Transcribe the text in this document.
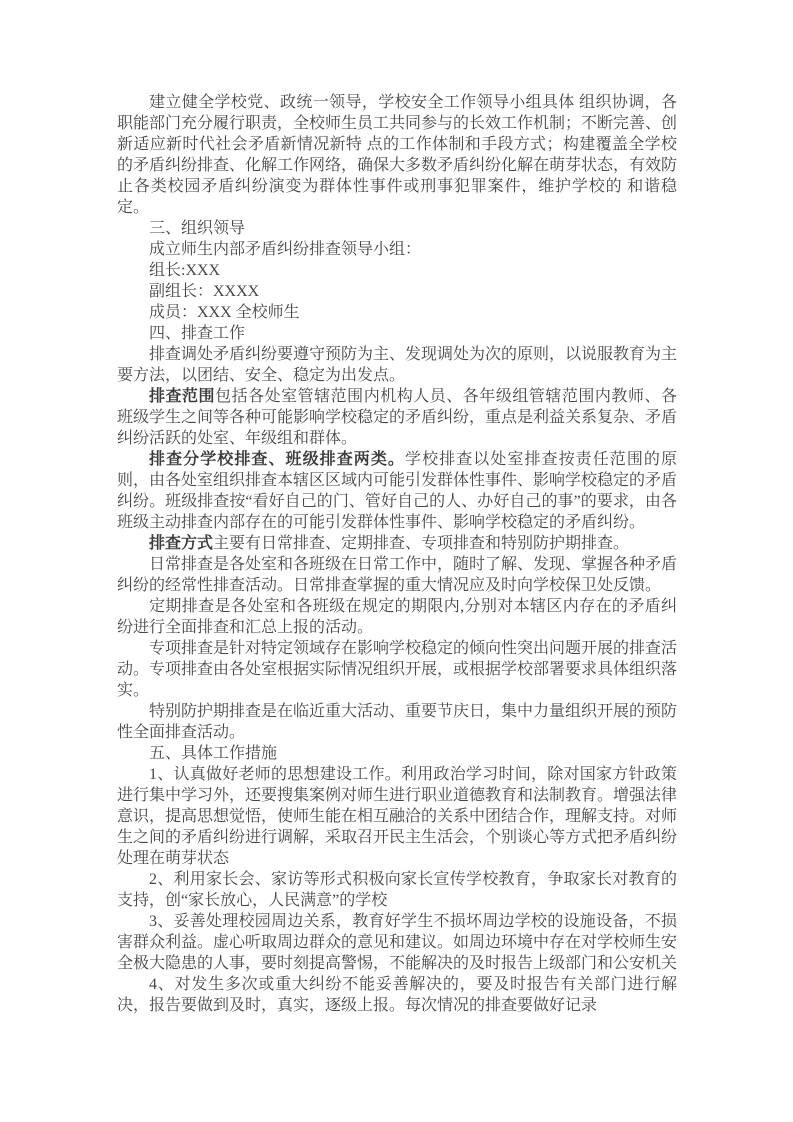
建立健全学校党、政统一领导，学校安全工作领导小组具体 组织协调，各职能部门充分履行职责，全校师生员工共同参与的长效工作机制；不断完善、创新适应新时代社会矛盾新情况新特 点的工作体制和手段方式；构建覆盖全学校的矛盾纠纷排查、化解工作网络，确保大多数矛盾纠纷化解在萌芽状态，有效防止各类校园矛盾纠纷演变为群体性事件或刑事犯罪案件，维护学校的 和谐稳定。

三、组织领导

成立师生内部矛盾纠纷排查领导小组：

组长:XXX

副组长：XXXX

成员：XXX 全校师生

四、排查工作

排查调处矛盾纠纷要遵守预防为主、发现调处为次的原则，以说服教育为主要方法，以团结、安全、稳定为出发点。

排查范围包括各处室管辖范围内机构人员、各年级组管辖范围内教师、各班级学生之间等各种可能影响学校稳定的矛盾纠纷，重点是利益关系复杂、矛盾纠纷活跃的处室、年级组和群体。

排查分学校排查、班级排查两类。学校排查以处室排查按责任范围的原则，由各处室组织排查本辖区区域内可能引发群体性事件、影响学校稳定的矛盾纠纷。班级排查按“看好自己的门、管好自己的人、办好自己的事”的要求，由各班级主动排查内部存在的可能引发群体性事件、影响学校稳定的矛盾纠纷。

排查方式主要有日常排查、定期排查、专项排查和特别防护期排查。

日常排查是各处室和各班级在日常工作中，随时了解、发现、掌握各种矛盾纠纷的经常性排查活动。日常排查掌握的重大情况应及时向学校保卫处反馈。

定期排查是各处室和各班级在规定的期限内,分别对本辖区内存在的矛盾纠纷进行全面排查和汇总上报的活动。

专项排查是针对特定领域存在影响学校稳定的倾向性突出问题开展的排查活动。专项排查由各处室根据实际情况组织开展，或根据学校部署要求具体组织落实。

特别防护期排查是在临近重大活动、重要节庆日，集中力量组织开展的预防性全面排查活动。

五、具体工作措施

1、认真做好老师的思想建设工作。利用政治学习时间，除对国家方针政策进行集中学习外，还要搜集案例对师生进行职业道德教育和法制教育。增强法律意识，提高思想觉悟，使师生能在相互融洽的关系中团结合作，理解支持。对师生之间的矛盾纠纷进行调解，采取召开民主生活会，个别谈心等方式把矛盾纠纷处理在萌芽状态

2、利用家长会、家访等形式积极向家长宣传学校教育，争取家长对教育的支持，创“家长放心，人民满意”的学校

3、妥善处理校园周边关系，教育好学生不损坏周边学校的设施设备，不损害群众利益。虚心听取周边群众的意见和建议。如周边环境中存在对学校师生安全极大隐患的人事，要时刻提高警惕，不能解决的及时报告上级部门和公安机关

4、对发生多次或重大纠纷不能妥善解决的，要及时报告有关部门进行解决，报告要做到及时，真实，逐级上报。每次情况的排查要做好记录
